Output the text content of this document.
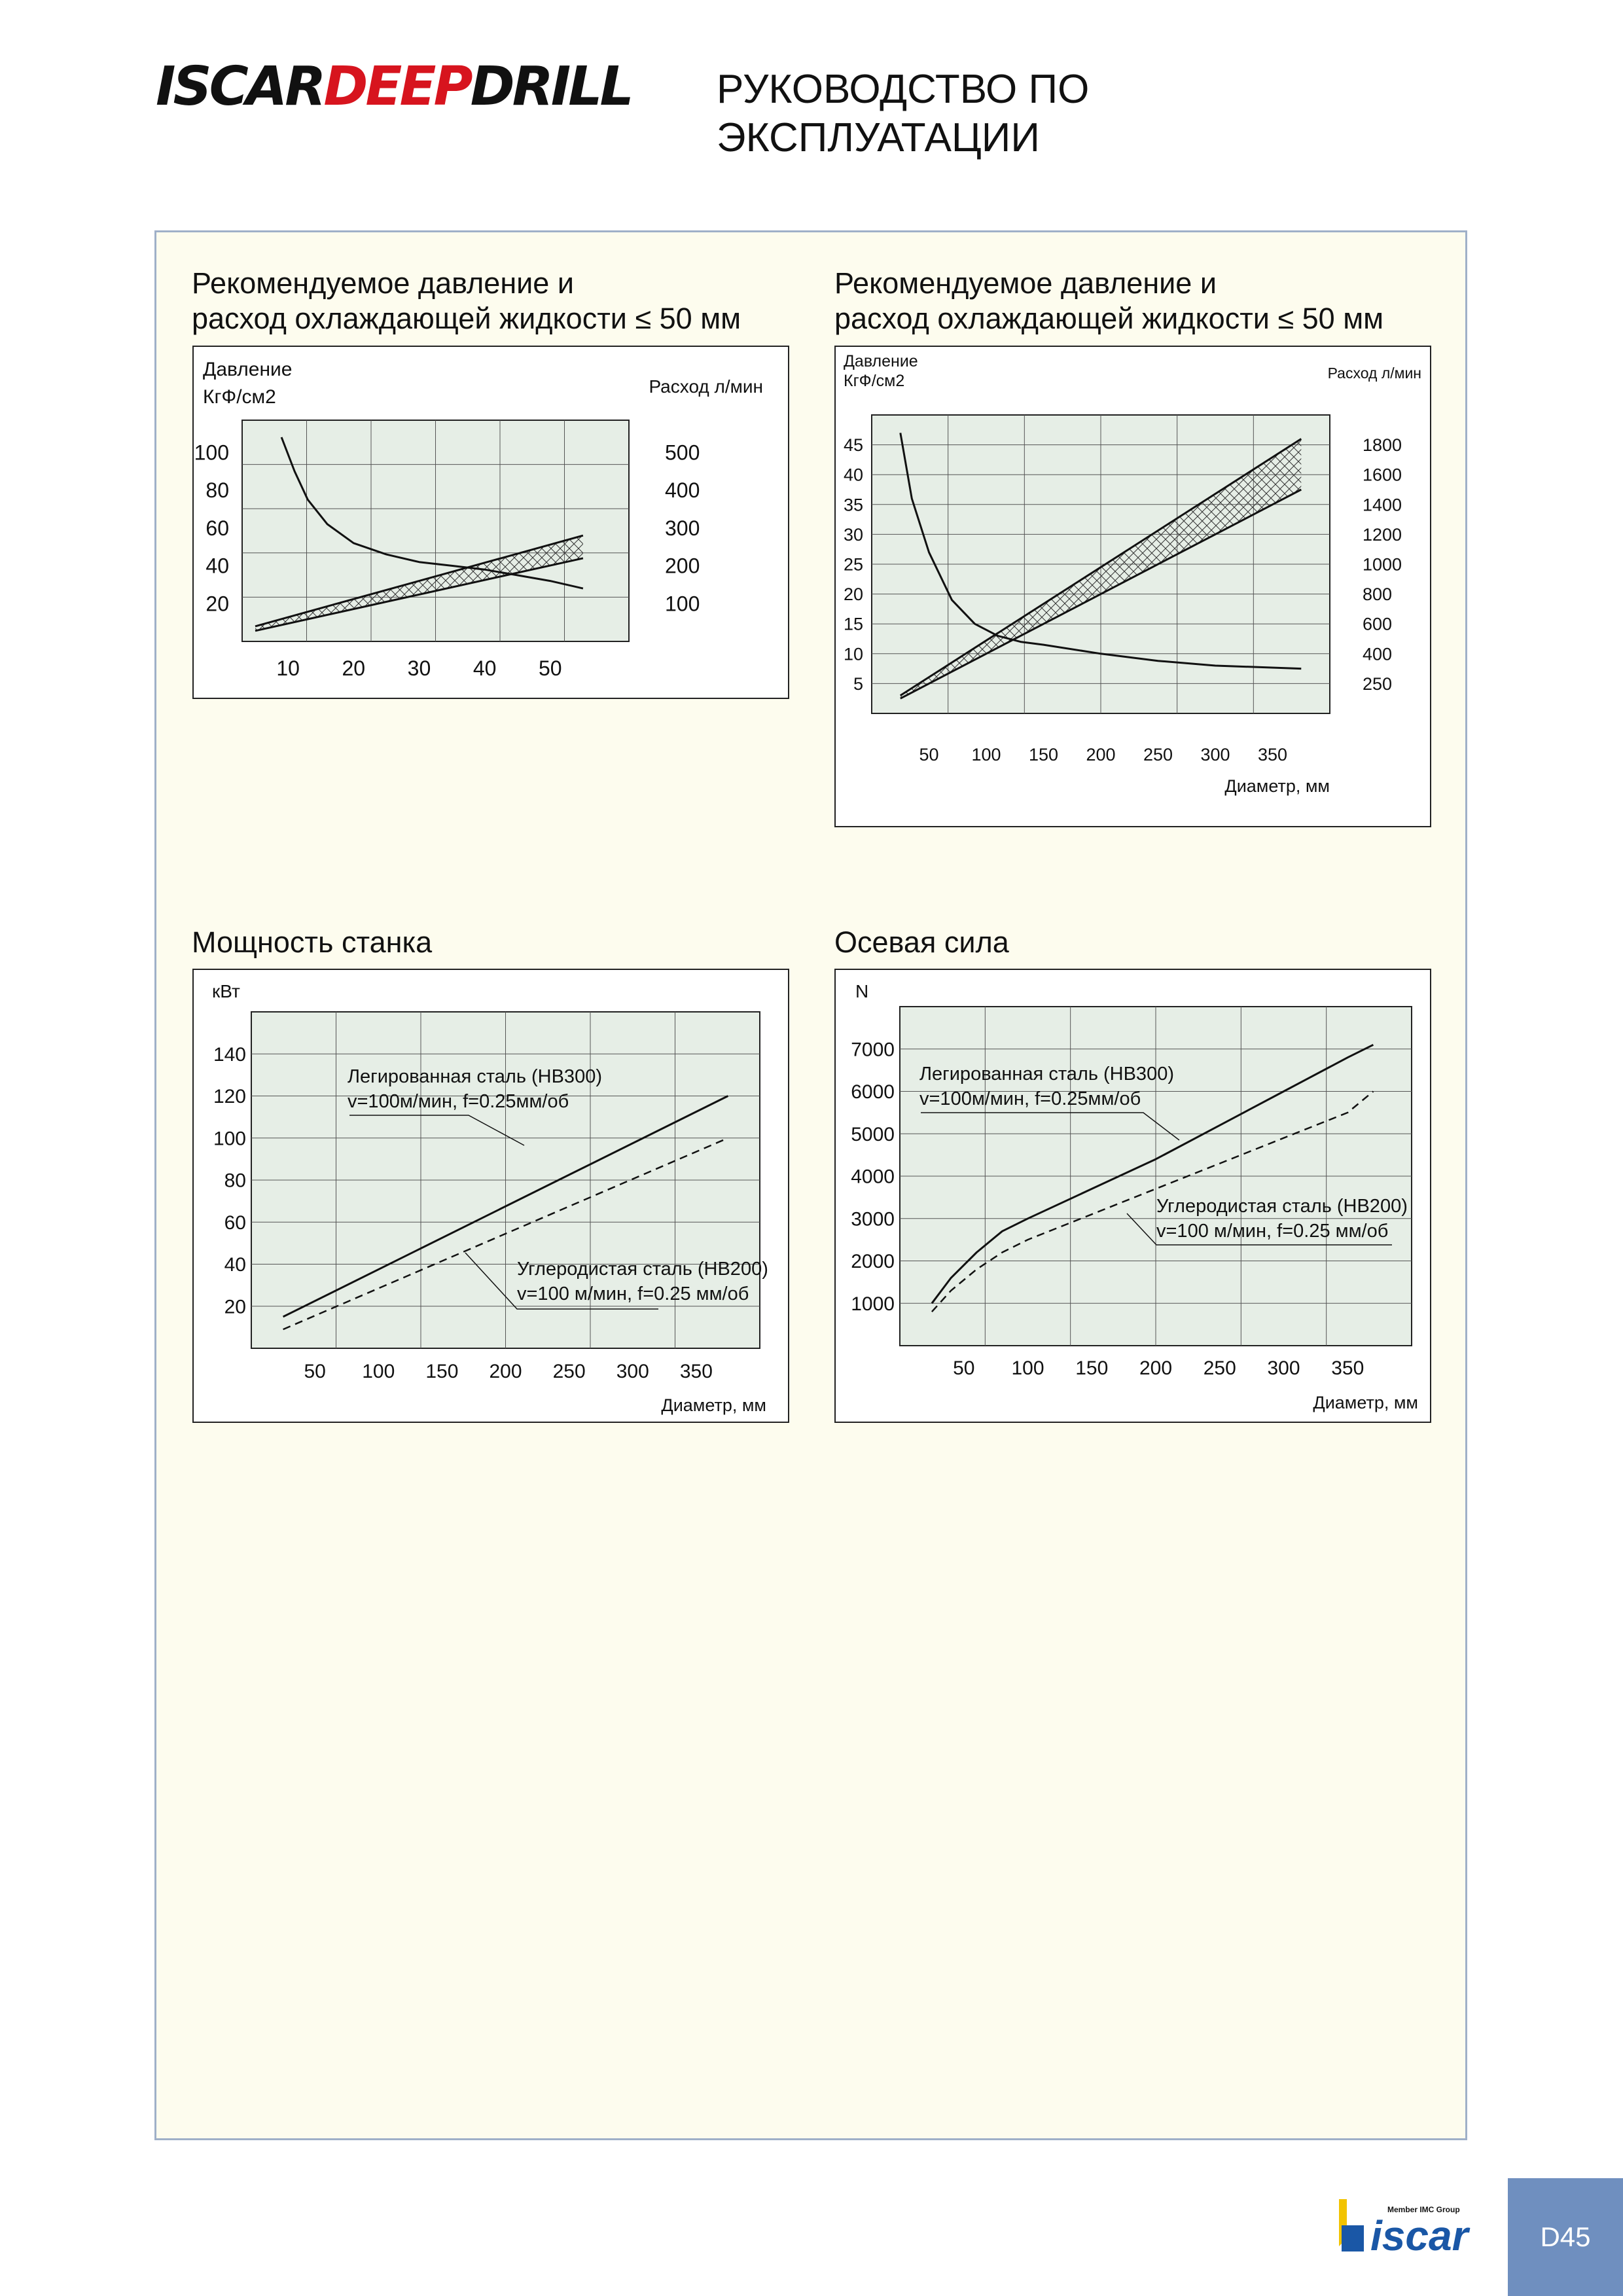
ISCARDEEPDRILL РУКОВОДСТВО ПО
ЭКСПЛУАТАЦИИ
Рекомендуемое давление и
расход охлаждающей жидкости ≤ 50 мм
10 20 30 40 50
20
40
60
80
100
100
200
300
400
500
Давление
КгФ/см2	Расход л/мин
Рекомендуемое давление и
расход охлаждающей жидкости ≤ 50 мм
50 100 150 200 250 300 350
5
10
15
20
25
30
35
40
45
250
400
600
800
1000
1200
1400
1600
1800
Давление
КгФ/см2	Расход л/мин
Диаметр, мм
Мощность станка
50 100 150 200 250 300 350
20
40
60
80
100
120
140
кВт
Диаметр, мм
Легированная сталь (HB300)
v=100м/мин, f=0.25мм/об
Углеродистая сталь (HB200)
v=100 м/мин, f=0.25 мм/об
Осевая сила
50 100 150 200 250 300 350
1000
2000
3000
4000
5000
6000
7000
N
Диаметр, мм
Легированная сталь (HB300)
v=100м/мин, f=0.25мм/об
Углеродистая сталь (HB200)
v=100 м/мин, f=0.25 мм/об
Member IMC Group
iscar	D45
